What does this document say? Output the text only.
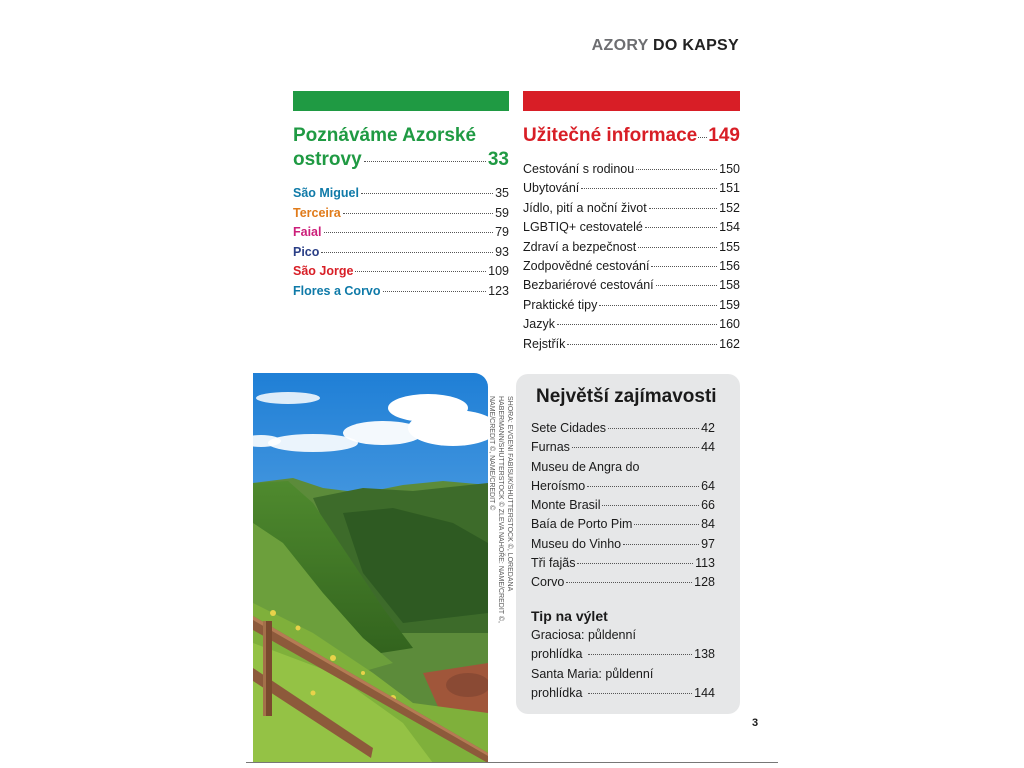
AZORY DO KAPSY
Poznáváme Azorské
ostrovy	33
São Miguel	35
Terceira	59
Faial	79
Pico	93
São Jorge	109
Flores a Corvo	123
Užitečné informace 149
Cestování s rodinou	150
Ubytování	151
Jídlo, pití a noční život	152
LGBTIQ+ cestovatelé	154
Zdraví a bezpečnost	155
Zodpovědné cestování	156
Bezbariérové cestování	158
Praktické tipy	159
Jazyk	160
Rejstřík	162
SHORA: EVGENI FABISUK/SHUTTERSTOCK ©, LOREDANA HABERMANN/SHUTTERSTOCK © ZLEVA NAHOŘE: NAME/CREDIT ©, NAME/CREDIT ©, NAME/CREDIT ©	Největší zajímavosti
Sete Cidades	42
Furnas	44
Museu de Angra do
Heroísmo	64
Monte Brasil	66
Baía de Porto Pim	84
Museu do Vinho	97
Tři fajãs	113
Corvo	128
Tip na výlet
Graciosa: půldenní
prohlídka	138
Santa Maria: půldenní
prohlídka	144
3
